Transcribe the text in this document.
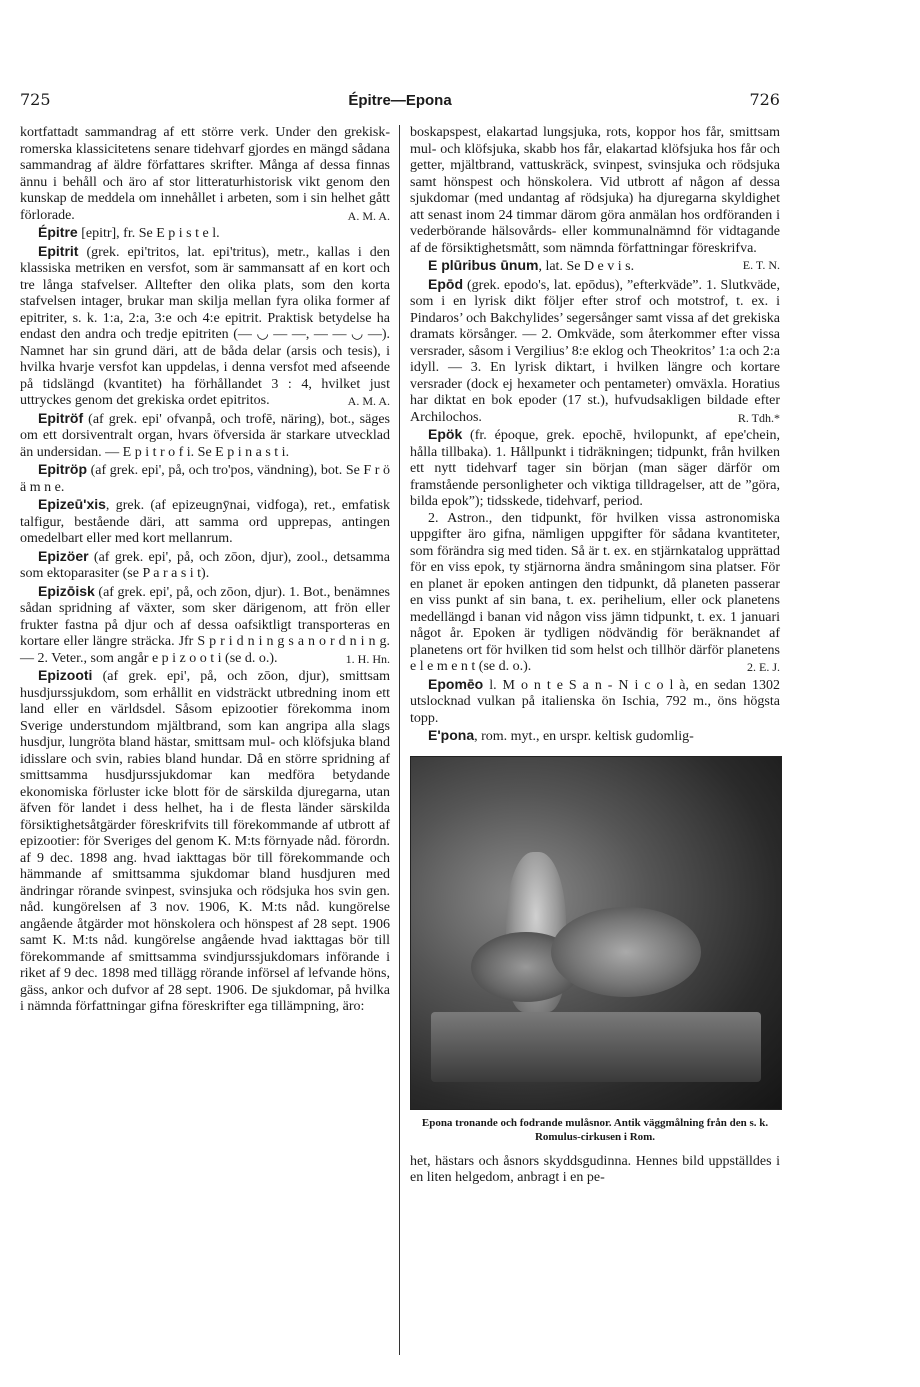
725	Épitre—Epona	726

kortfattadt sammandrag af ett större verk. Under den grekisk-romerska klassicitetens senare tidehvarf gjordes en mängd sådana sammandrag af äldre författares skrifter. Många af dessa finnas ännu i behåll och äro af stor litteraturhistorisk vikt genom den kunskap de meddela om innehållet i arbeten, som i sin helhet gått förlorade.	A. M. A.

Épitre [epitr], fr. Se E p i s t e l.

Epitrit (grek. epi'tritos, lat. epi'tritus), metr., kallas i den klassiska metriken en versfot, som är sammansatt af en kort och tre långa stafvelser. Alltefter den olika plats, som den korta stafvelsen intager, brukar man skilja mellan fyra olika former af epitriter, s. k. 1:a, 2:a, 3:e och 4:e epitrit. Praktisk betydelse ha endast den andra och tredje epitriten (— ◡ — —, — — ◡ —). Namnet har sin grund däri, att de båda delar (arsis och tesis), i hvilka hvarje versfot kan uppdelas, i denna versfot med afseende på tidslängd (kvantitet) ha förhållandet 3 : 4, hvilket just uttryckes genom det grekiska ordet epitritos.	A. M. A.

Epitröf (af grek. epi' ofvanpå, och trofē, näring), bot., säges om ett dorsiventralt organ, hvars öfversida är starkare utvecklad än undersidan. — E p i t r o f i. Se E p i n a s t i.

Epitröp (af grek. epi', på, och tro'pos, vändning), bot. Se F r ö ä m n e.

Epizeū'xis, grek. (af epizeugnȳnai, vidfoga), ret., emfatisk talfigur, bestående däri, att samma ord upprepas, antingen omedelbart eller med kort mellanrum.

Epizöer (af grek. epi', på, och zōon, djur), zool., detsamma som ektoparasiter (se P a r a s i t).

Epizōisk (af grek. epi', på, och zōon, djur). 1. Bot., benämnes sådan spridning af växter, som sker därigenom, att frön eller frukter fastna på djur och af dessa oafsiktligt transporteras en kortare eller längre sträcka. Jfr S p r i d n i n g s a n o r d n i n g. — 2. Veter., som angår e p i z o o t i (se d. o.).	1. H. Hn.

Epizooti (af grek. epi', på, och zōon, djur), smittsam husdjurssjukdom, som erhållit en vidsträckt utbredning inom ett land eller en världsdel. Såsom epizootier förekomma inom Sverige understundom mjältbrand, som kan angripa alla slags husdjur, lungröta bland hästar, smittsam mul- och klöfsjuka bland idisslare och svin, rabies bland hundar. Då en större spridning af smittsamma husdjurssjukdomar kan medföra betydande ekonomiska förluster icke blott för de särskilda djuregarna, utan äfven för landet i dess helhet, ha i de flesta länder särskilda försiktighetsåtgärder föreskrifvits till förekommande af utbrott af epizootier: för Sveriges del genom K. M:ts förnyade nåd. förordn. af 9 dec. 1898 ang. hvad iakttagas bör till förekommande och hämmande af smittsamma sjukdomar bland husdjuren med ändringar rörande svinpest, svinsjuka och rödsjuka hos svin gen. nåd. kungörelsen af 3 nov. 1906, K. M:ts nåd. kungörelse angående åtgärder mot hönskolera och hönspest af 28 sept. 1906 samt K. M:ts nåd. kungörelse angående hvad iakttagas bör till förekommande af smittsamma svindjurssjukdomars införande i riket af 9 dec. 1898 med tillägg rörande införsel af lefvande höns, gäss, ankor och dufvor af 28 sept. 1906. De sjukdomar, på hvilka i nämnda författningar gifna föreskrifter ega tillämpning, äro:

boskapspest, elakartad lungsjuka, rots, koppor hos får, smittsam mul- och klöfsjuka, skabb hos får, elakartad klöfsjuka hos får och getter, mjältbrand, vattuskräck, svinpest, svinsjuka och rödsjuka samt hönspest och hönskolera. Vid utbrott af någon af dessa sjukdomar (med undantag af rödsjuka) ha djuregarna skyldighet att senast inom 24 timmar därom göra anmälan hos ordföranden i vederbörande hälsovårds- eller kommunalnämnd för vidtagande af de försiktighetsmått, som nämnda författningar föreskrifva.
E. T. N.

E plūribus ūnum, lat. Se D e v i s.

Epōd (grek. epodo's, lat. epōdus), ”efterkväde”. 1. Slutkväde, som i en lyrisk dikt följer efter strof och motstrof, t. ex. i Pindaros’ och Bakchylides’ segersånger samt vissa af det grekiska dramats körsånger. — 2. Omkväde, som återkommer efter vissa versrader, såsom i Vergilius’ 8:e eklog och Theokritos’ 1:a och 2:a idyll. — 3. En lyrisk diktart, i hvilken längre och kortare versrader (dock ej hexameter och pentameter) omväxla. Horatius har diktat en bok epoder (17 st.), hufvudsakligen bildade efter Archilochos.	R. Tdh.*

Epök (fr. époque, grek. epochē, hvilopunkt, af epe'chein, hålla tillbaka). 1. Hållpunkt i tidräkningen; tidpunkt, från hvilken ett nytt tidehvarf tager sin början (man säger därför om framstående personligheter och viktiga tilldragelser, att de ”göra, bilda epok”); tidsskede, tidehvarf, period.

2. Astron., den tidpunkt, för hvilken vissa astronomiska uppgifter äro gifna, nämligen uppgifter för sådana kvantiteter, som förändra sig med tiden. Så är t. ex. en stjärnkatalog upprättad för en viss epok, ty stjärnorna ändra småningom sina platser. För en planet är epoken antingen den tidpunkt, då planeten passerar en viss punkt af sin bana, t. ex. perihelium, eller ock planetens medellängd i banan vid någon viss jämn tidpunkt, t. ex. 1 januari något år. Epoken är tydligen nödvändig för beräknandet af planetens ort för hvilken tid som helst och tillhör därför planetens e l e m e n t (se d. o.).	2. E. J.

Epomēo l. M o n t e S a n - N i c o l à, en sedan 1302 utslocknad vulkan på italienska ön Ischia, 792 m., öns högsta topp.

E'pona, rom. myt., en urspr. keltisk gudomlig-

Epona tronande och fodrande mulåsnor. Antik väggmålning från den s. k. Romulus-cirkusen i Rom.

het, hästars och åsnors skyddsgudinna. Hennes bild uppställdes i en liten helgedom, anbragt i en pe-
